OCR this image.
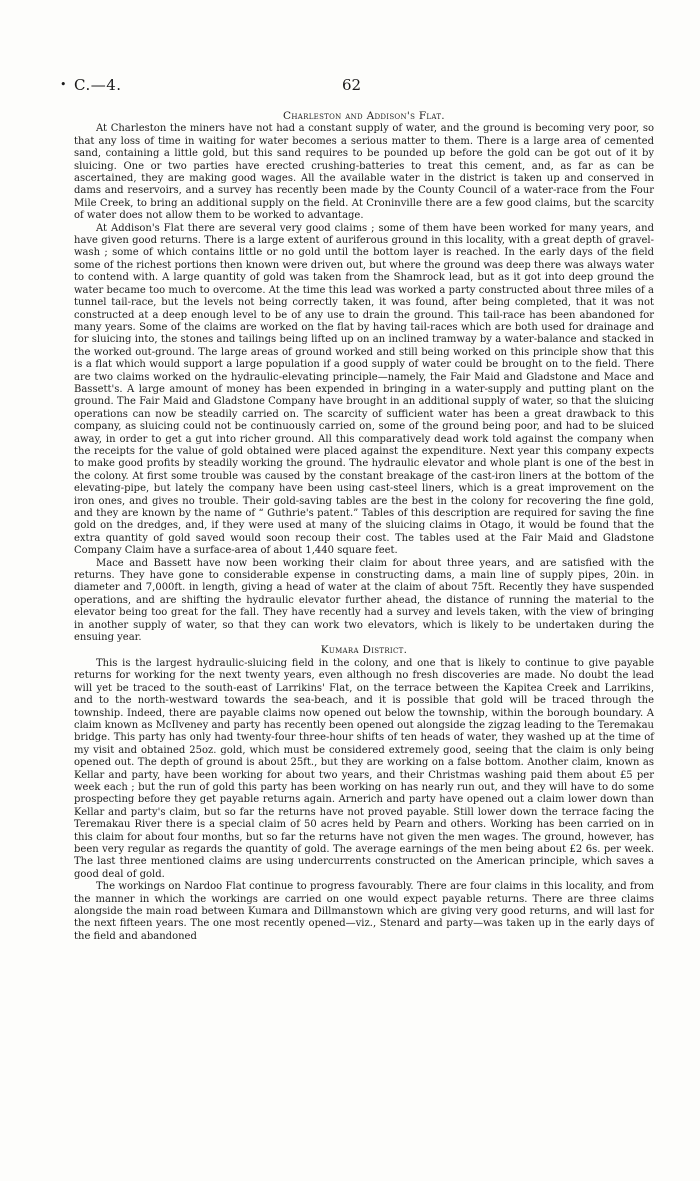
• C.—4.	62
Charleston and Addison's Flat.

At Charleston the miners have not had a constant supply of water, and the ground is becoming very poor, so that any loss of time in waiting for water becomes a serious matter to them. There is a large area of cemented sand, containing a little gold, but this sand requires to be pounded up before the gold can be got out of it by sluicing. One or two parties have erected crushing-batteries to treat this cement, and, as far as can be ascertained, they are making good wages. All the available water in the district is taken up and conserved in dams and reservoirs, and a survey has recently been made by the County Council of a water-race from the Four Mile Creek, to bring an additional supply on the field. At Croninville there are a few good claims, but the scarcity of water does not allow them to be worked to advantage.

At Addison's Flat there are several very good claims ; some of them have been worked for many years, and have given good returns. There is a large extent of auriferous ground in this locality, with a great depth of gravel-wash ; some of which contains little or no gold until the bottom layer is reached. In the early days of the field some of the richest portions then known were driven out, but where the ground was deep there was always water to contend with. A large quantity of gold was taken from the Shamrock lead, but as it got into deep ground the water became too much to overcome. At the time this lead was worked a party constructed about three miles of a tunnel tail-race, but the levels not being correctly taken, it was found, after being completed, that it was not constructed at a deep enough level to be of any use to drain the ground. This tail-race has been abandoned for many years. Some of the claims are worked on the flat by having tail-races which are both used for drainage and for sluicing into, the stones and tailings being lifted up on an inclined tramway by a water-balance and stacked in the worked out-ground. The large areas of ground worked and still being worked on this principle show that this is a flat which would support a large population if a good supply of water could be brought on to the field. There are two claims worked on the hydraulic-elevating principle—namely, the Fair Maid and Gladstone and Mace and Bassett's. A large amount of money has been expended in bringing in a water-supply and putting plant on the ground. The Fair Maid and Gladstone Company have brought in an additional supply of water, so that the sluicing operations can now be steadily carried on. The scarcity of sufficient water has been a great drawback to this company, as sluicing could not be continuously carried on, some of the ground being poor, and had to be sluiced away, in order to get a gut into richer ground. All this comparatively dead work told against the company when the receipts for the value of gold obtained were placed against the expenditure. Next year this company expects to make good profits by steadily working the ground. The hydraulic elevator and whole plant is one of the best in the colony. At first some trouble was caused by the constant breakage of the cast-iron liners at the bottom of the elevating-pipe, but lately the company have been using cast-steel liners, which is a great improvement on the iron ones, and gives no trouble. Their gold-saving tables are the best in the colony for recovering the fine gold, and they are known by the name of “ Guthrie's patent.” Tables of this description are required for saving the fine gold on the dredges, and, if they were used at many of the sluicing claims in Otago, it would be found that the extra quantity of gold saved would soon recoup their cost. The tables used at the Fair Maid and Gladstone Company Claim have a surface-area of about 1,440 square feet.

Mace and Bassett have now been working their claim for about three years, and are satisfied with the returns. They have gone to considerable expense in constructing dams, a main line of supply pipes, 20in. in diameter and 7,000ft. in length, giving a head of water at the claim of about 75ft. Recently they have suspended operations, and are shifting the hydraulic elevator further ahead, the distance of running the material to the elevator being too great for the fall. They have recently had a survey and levels taken, with the view of bringing in another supply of water, so that they can work two elevators, which is likely to be undertaken during the ensuing year.

Kumara District.

This is the largest hydraulic-sluicing field in the colony, and one that is likely to continue to give payable returns for working for the next twenty years, even although no fresh discoveries are made. No doubt the lead will yet be traced to the south-east of Larrikins' Flat, on the terrace between the Kapitea Creek and Larrikins, and to the north-westward towards the sea-beach, and it is possible that gold will be traced through the township. Indeed, there are payable claims now opened out below the township, within the borough boundary. A claim known as McIlveney and party has recently been opened out alongside the zigzag leading to the Teremakau bridge. This party has only had twenty-four three-hour shifts of ten heads of water, they washed up at the time of my visit and obtained 25oz. gold, which must be considered extremely good, seeing that the claim is only being opened out. The depth of ground is about 25ft., but they are working on a false bottom. Another claim, known as Kellar and party, have been working for about two years, and their Christmas washing paid them about £5 per week each ; but the run of gold this party has been working on has nearly run out, and they will have to do some prospecting before they get payable returns again. Arnerich and party have opened out a claim lower down than Kellar and party's claim, but so far the returns have not proved payable. Still lower down the terrace facing the Teremakau River there is a special claim of 50 acres held by Pearn and others. Working has been carried on in this claim for about four months, but so far the returns have not given the men wages. The ground, however, has been very regular as regards the quantity of gold. The average earnings of the men being about £2 6s. per week. The last three mentioned claims are using undercurrents constructed on the American principle, which saves a good deal of gold.

The workings on Nardoo Flat continue to progress favourably. There are four claims in this locality, and from the manner in which the workings are carried on one would expect payable returns. There are three claims alongside the main road between Kumara and Dillmanstown which are giving very good returns, and will last for the next fifteen years. The one most recently opened—viz., Stenard and party—was taken up in the early days of the field and abandoned
